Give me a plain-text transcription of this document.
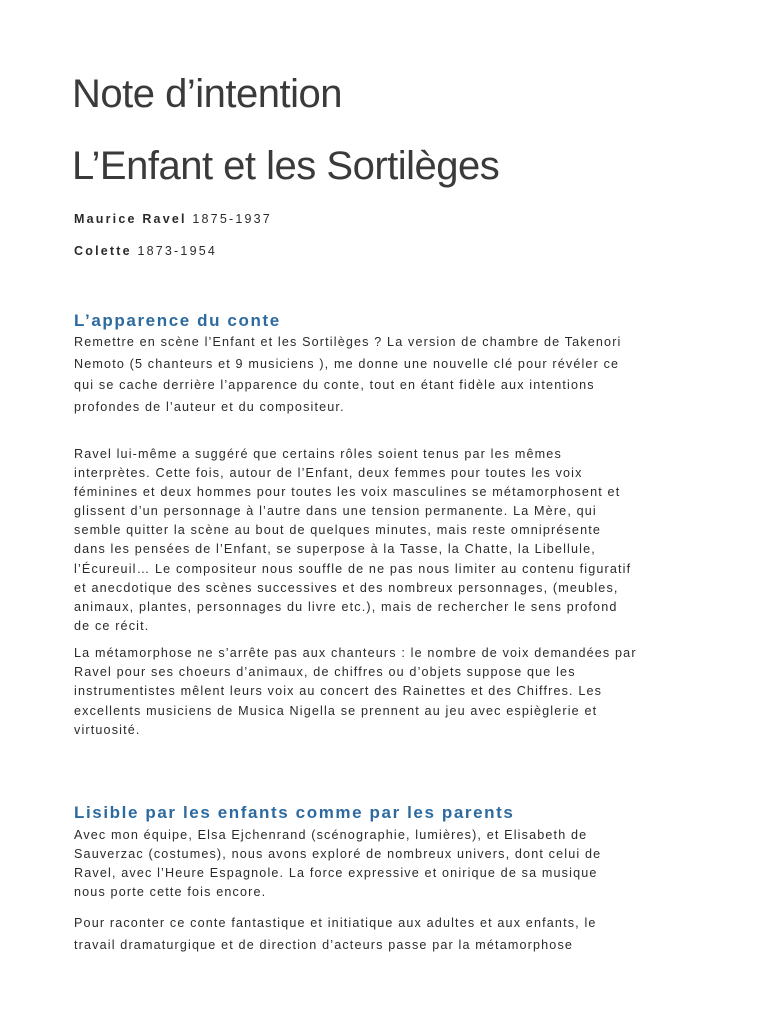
Note d’intention
L’Enfant et les Sortilèges

Maurice Ravel 1875-1937

Colette 1873-1954

L’apparence du conte

Remettre en scène l’Enfant et les Sortilèges ? La version de chambre de Takenori
Nemoto (5 chanteurs et 9 musiciens ), me donne une nouvelle clé pour révéler ce
qui se cache derrière l’apparence du conte, tout en étant fidèle aux intentions
profondes de l’auteur et du compositeur.

Ravel lui-même a suggéré que certains rôles soient tenus par les mêmes
interprètes. Cette fois, autour de l’Enfant, deux femmes pour toutes les voix
féminines et deux hommes pour toutes les voix masculines se métamorphosent et
glissent d’un personnage à l’autre dans une tension permanente. La Mère, qui
semble quitter la scène au bout de quelques minutes, mais reste omniprésente
dans les pensées de l’Enfant, se superpose à la Tasse, la Chatte, la Libellule,
l’Écureuil… Le compositeur nous souffle de ne pas nous limiter au contenu figuratif
et anecdotique des scènes successives et des nombreux personnages, (meubles,
animaux, plantes, personnages du livre etc.), mais de rechercher le sens profond
de ce récit.

La métamorphose ne s’arrête pas aux chanteurs : le nombre de voix demandées par
Ravel pour ses choeurs d’animaux, de chiffres ou d’objets suppose que les
instrumentistes mêlent leurs voix au concert des Rainettes et des Chiffres. Les
excellents musiciens de Musica Nigella se prennent au jeu avec espièglerie et
virtuosité.

Lisible par les enfants comme par les parents

Avec mon équipe, Elsa Ejchenrand (scénographie, lumières), et Elisabeth de
Sauverzac (costumes), nous avons exploré de nombreux univers, dont celui de
Ravel, avec l’Heure Espagnole. La force expressive et onirique de sa musique
nous porte cette fois encore.

Pour raconter ce conte fantastique et initiatique aux adultes et aux enfants, le
travail dramaturgique et de direction d’acteurs passe par la métamorphose
